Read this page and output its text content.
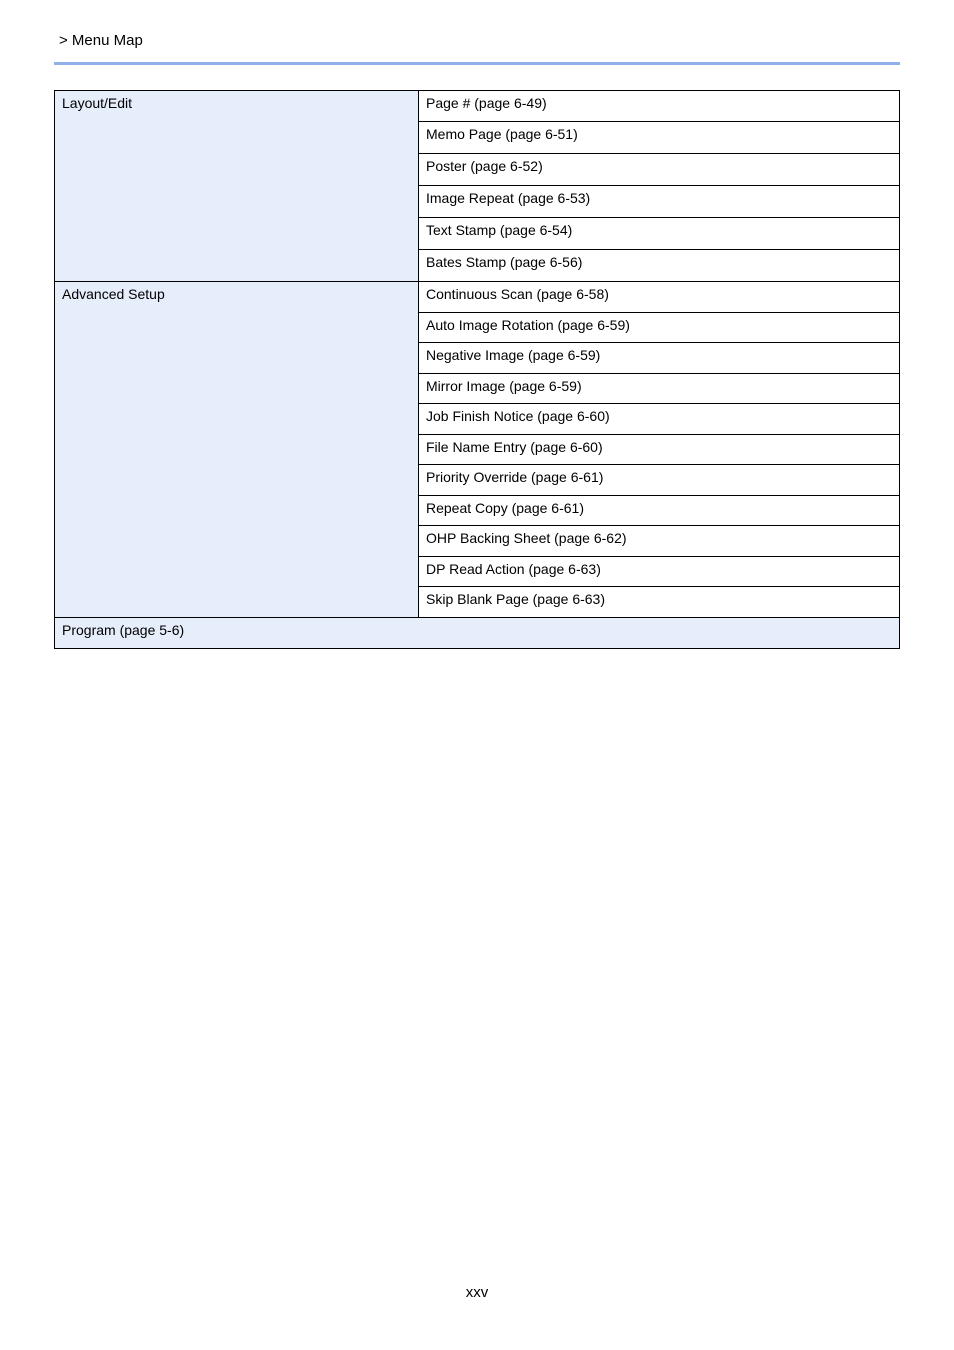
> Menu Map
Layout/Edit	Page # (page 6-49)
	Memo Page (page 6-51)
	Poster (page 6-52)
	Image Repeat (page 6-53)
	Text Stamp (page 6-54)
	Bates Stamp (page 6-56)
Advanced Setup	Continuous Scan (page 6-58)
	Auto Image Rotation (page 6-59)
	Negative Image (page 6-59)
	Mirror Image (page 6-59)
	Job Finish Notice (page 6-60)
	File Name Entry (page 6-60)
	Priority Override (page 6-61)
	Repeat Copy (page 6-61)
	OHP Backing Sheet (page 6-62)
	DP Read Action (page 6-63)
	Skip Blank Page (page 6-63)
Program (page 5-6)	
xxv
